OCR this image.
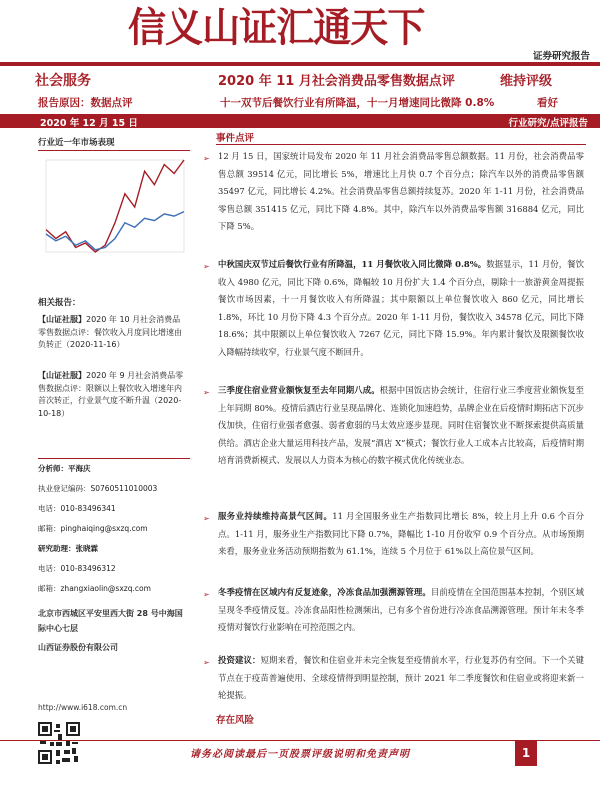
信义山证汇通天下
证券研究报告
社会服务	2020 年 11 月社会消费品零售数据点评	维持评级
报告原因：数据点评	十一双节后餐饮行业有所降温，十一月增速同比微降 0.8%	看好
2020 年 12 月 15 日	行业研究/点评报告
行业近一年市场表现
相关报告：
【山证社服】2020 年 10 月社会消费品零售数据点评：餐饮收入月度同比增速由负转正（2020-11-16）
【山证社服】2020 年 9 月社会消费品零售数据点评：限额以上餐饮收入增速年内首次转正，行业景气度不断升温（2020-10-18）
分析师：平海庆
执业登记编码：S0760511010003
电话：010-83496341
邮箱：pinghaiqing@sxzq.com
研究助理：张晓霖
电话：010-83496312
邮箱：zhangxiaolin@sxzq.com
北京市西城区平安里西大街 28 号中海国际中心七层
山西证券股份有限公司
http://www.i618.com.cn
事件点评
➢ 12 月 15 日，国家统计局发布 2020 年 11 月社会消费品零售总额数据。11 月份，社会消费品零售总额 39514 亿元，同比增长 5%，增速比上月快 0.7 个百分点；除汽车以外的消费品零售额 35497 亿元，同比增长 4.2%。社会消费品零售总额持续复苏。2020 年 1-11 月份，社会消费品零售总额 351415 亿元，同比下降 4.8%。其中，除汽车以外消费品零售额 316884 亿元，同比下降 5%。
➢ 中秋国庆双节过后餐饮行业有所降温，11 月餐饮收入同比微降 0.8%。数据显示，11 月份，餐饮收入 4980 亿元，同比下降 0.6%，降幅较 10 月份扩大 1.4 个百分点，剔除十一旅游黄金周提振餐饮市场因素，十一月餐饮收入有所降温；其中限额以上单位餐饮收入 860 亿元，同比增长 1.8%，环比 10 月份下降 4.3 个百分点。2020 年 1-11 月份，餐饮收入 34578 亿元，同比下降 18.6%；其中限额以上单位餐饮收入 7267 亿元，同比下降 15.9%。年内累计餐饮及限额餐饮收入降幅持续收窄，行业景气度不断回升。
➢ 三季度住宿业营业额恢复至去年同期八成。根据中国饭店协会统计，住宿行业三季度营业额恢复至上年同期 80%。疫情后酒店行业呈现品牌化、连锁化加速趋势，品牌企业在后疫情时期拓店下沉步伐加快，住宿行业强者愈强、弱者愈弱的马太效应逐步显现。同时住宿餐饮业不断探索提供高质量供给。酒店企业大量运用科技产品，发展“酒店 X”模式；餐饮行业人工成本占比较高，后疫情时期培育消费新模式、发展以人力资本为核心的数字模式优化传统业态。
➢ 服务业持续维持高景气区间。11 月全国服务业生产指数同比增长 8%，较上月上升 0.6 个百分点。1-11 月，服务业生产指数同比下降 0.7%，降幅比 1-10 月份收窄 0.9 个百分点。从市场预期来看，服务业业务活动预期指数为 61.1%，连续 5 个月位于 61%以上高位景气区间。
➢ 冬季疫情在区域内有反复迹象，冷冻食品加强溯源管理。目前疫情在全国范围基本控制，个别区域呈现冬季疫情反复。冷冻食品阳性检测频出，已有多个省份进行冷冻食品溯源管理。预计年末冬季疫情对餐饮行业影响在可控范围之内。
➢ 投资建议：短期来看，餐饮和住宿业并未完全恢复至疫情前水平，行业复苏仍有空间。下一个关键节点在于疫苗普遍使用、全球疫情得到明显控制，预计 2021 年二季度餐饮和住宿业或将迎来新一轮提振。
存在风险
请务必阅读最后一页股票评级说明和免责声明	1
